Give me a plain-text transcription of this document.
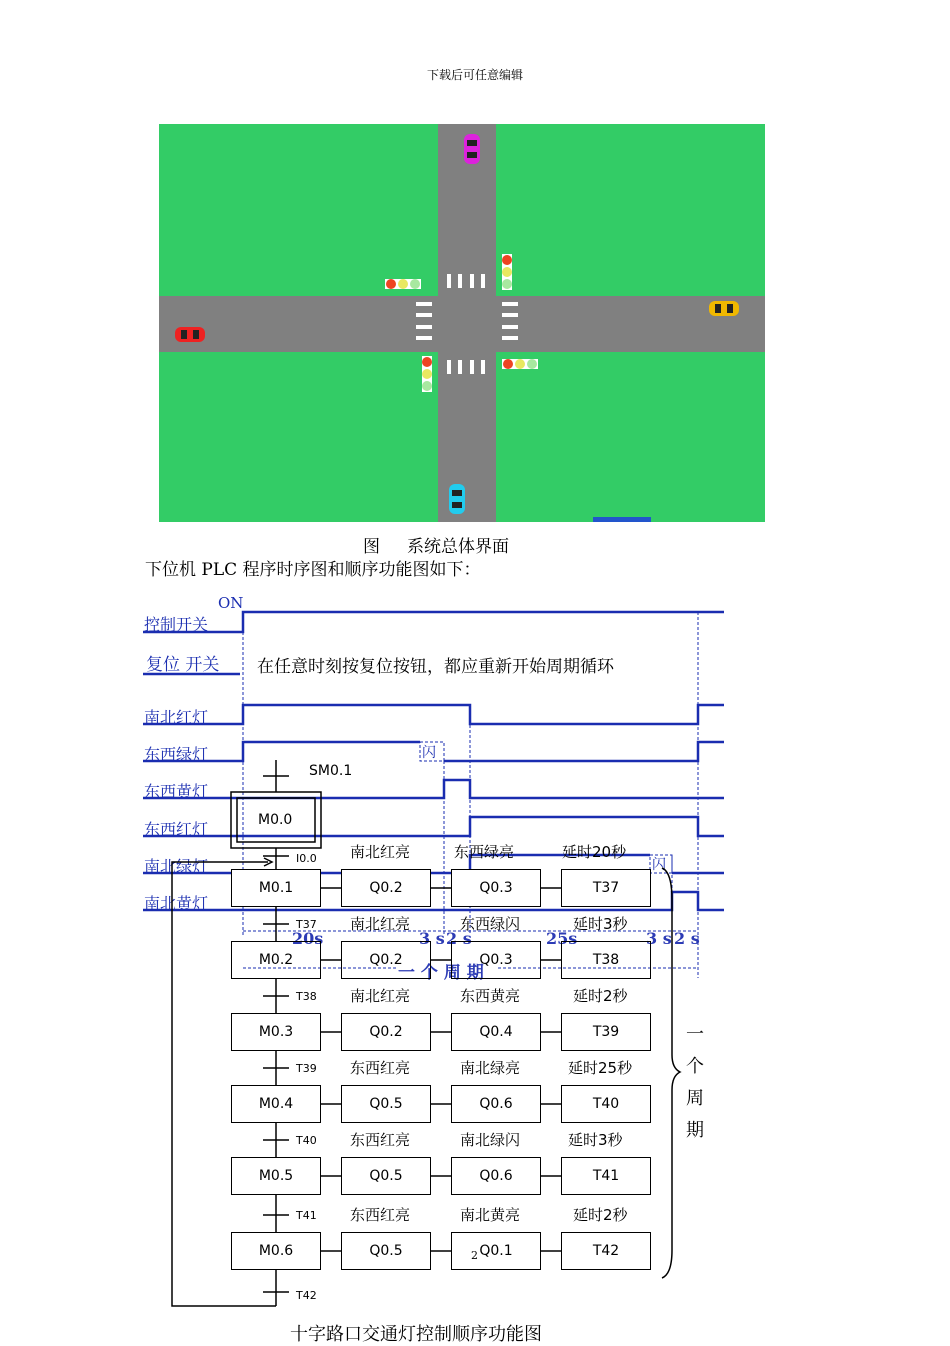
下载后可任意编辑
图     系统总体界面
下位机 PLC 程序时序图和顺序功能图如下：
ON
控制开关
复位 开关 在任意时刻按复位按钮，都应重新开始周期循环
南北红灯
东西绿灯	闪
东西黄灯
东西红灯
南北绿灯	闪
南北黄灯
20s	3 s 2 s	25s	3 s 2 s
一 个 周 期
SM0.1
M0.0
I0.0 南北红亮	东西绿亮	延时20秒
M0.1	Q0.2	Q0.3	T37
T37 南北红亮	东西绿闪	延时3秒
M0.2	Q0.2	Q0.3	T38
T38 南北红亮	东西黄亮	延时2秒
M0.3	Q0.2	Q0.4	T39
T39 东西红亮	南北绿亮	延时25秒
M0.4	Q0.5	Q0.6	T40
T40 东西红亮	南北绿闪	延时3秒
M0.5	Q0.5	Q0.6	T41
T41 东西红亮	南北黄亮	延时2秒
M0.6	Q0.5	Q0.1	T42
2
T42
一
个
周
期
十字路口交通灯控制顺序功能图
